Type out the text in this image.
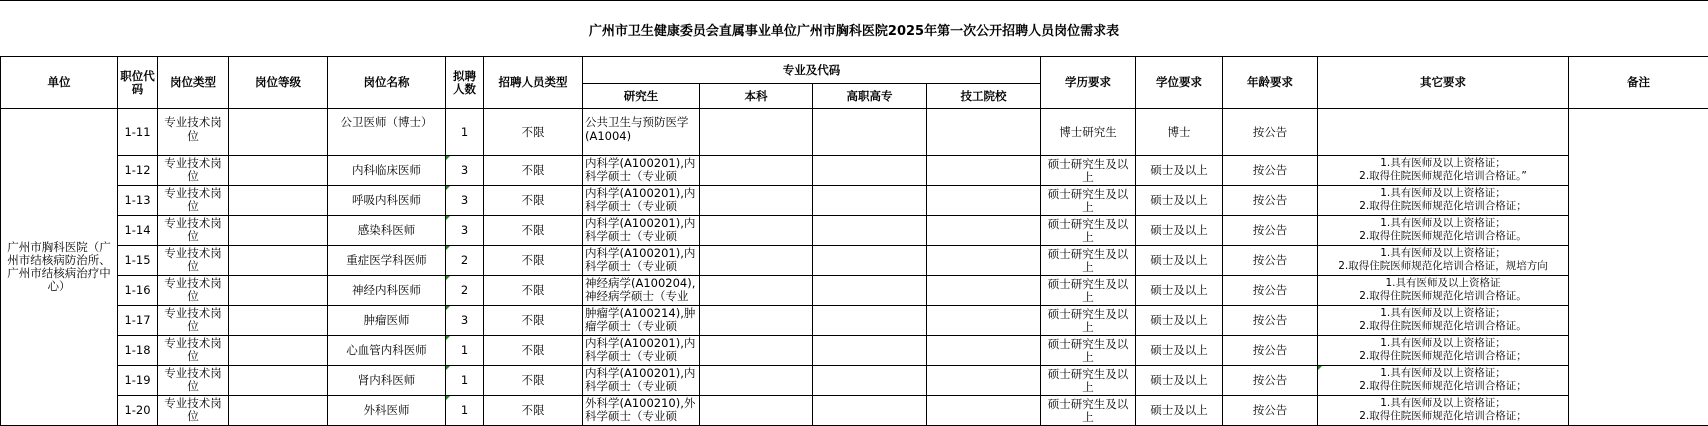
广州市卫生健康委员会直属事业单位广州市胸科医院2025年第一次公开招聘人员岗位需求表
单位	职位代码	岗位类型	岗位等级	岗位名称	拟聘人数	招聘人员类型	专业及代码				学历要求	学位要求	年龄要求	其它要求	备注
							研究生	本科	高职高专	技工院校					
广州市胸科医院（广州市结核病防治所、广州市结核病治疗中心）	1-11	专业技术岗位		公卫医师（博士）	1	不限	公共卫生与预防医学(A1004)				博士研究生	博士	按公告		
	1-12	专业技术岗位		内科临床医师	3	不限	内科学(A100201),内科学硕士（专业硕				硕士研究生及以上	硕士及以上	按公告	1.具有医师及以上资格证；
2.取得住院医师规范化培训合格证。”	

	1-13	专业技术岗位		呼吸内科医师	3	不限	内科学(A100201),内科学硕士（专业硕				硕士研究生及以上	硕士及以上	按公告	1.具有医师及以上资格证；
2.取得住院医师规范化培训合格证；	

	1-14	专业技术岗位		感染科医师	3	不限	内科学(A100201),内科学硕士（专业硕				硕士研究生及以上	硕士及以上	按公告	1.具有医师及以上资格证；
2.取得住院医师规范化培训合格证。	

	1-15	专业技术岗位		重症医学科医师	2	不限	内科学(A100201),内科学硕士（专业硕				硕士研究生及以上	硕士及以上	按公告	1.具有医师及以上资格证；
2.取得住院医师规范化培训合格证，规培方向	

	1-16	专业技术岗位		神经内科医师	2	不限	神经病学(A100204),神经病学硕士（专业				硕士研究生及以上	硕士及以上	按公告	1.具有医师及以上资格证
2.取得住院医师规范化培训合格证。	

	1-17	专业技术岗位		肿瘤医师	3	不限	肿瘤学(A100214),肿瘤学硕士（专业硕				硕士研究生及以上	硕士及以上	按公告	1.具有医师及以上资格证；
2.取得住院医师规范化培训合格证。	

	1-18	专业技术岗位		心血管内科医师	1	不限	内科学(A100201),内科学硕士（专业硕				硕士研究生及以上	硕士及以上	按公告	1.具有医师及以上资格证；
2.取得住院医师规范化培训合格证；	

	1-19	专业技术岗位		肾内科医师	1	不限	内科学(A100201),内科学硕士（专业硕				硕士研究生及以上	硕士及以上	按公告	1.具有医师及以上资格证；
2.取得住院医师规范化培训合格证；	

	1-20	专业技术岗位		外科医师	1	不限	外科学(A100210),外科学硕士（专业硕				硕士研究生及以上	硕士及以上	按公告	1.具有医师及以上资格证；
2.取得住院医师规范化培训合格证；	
